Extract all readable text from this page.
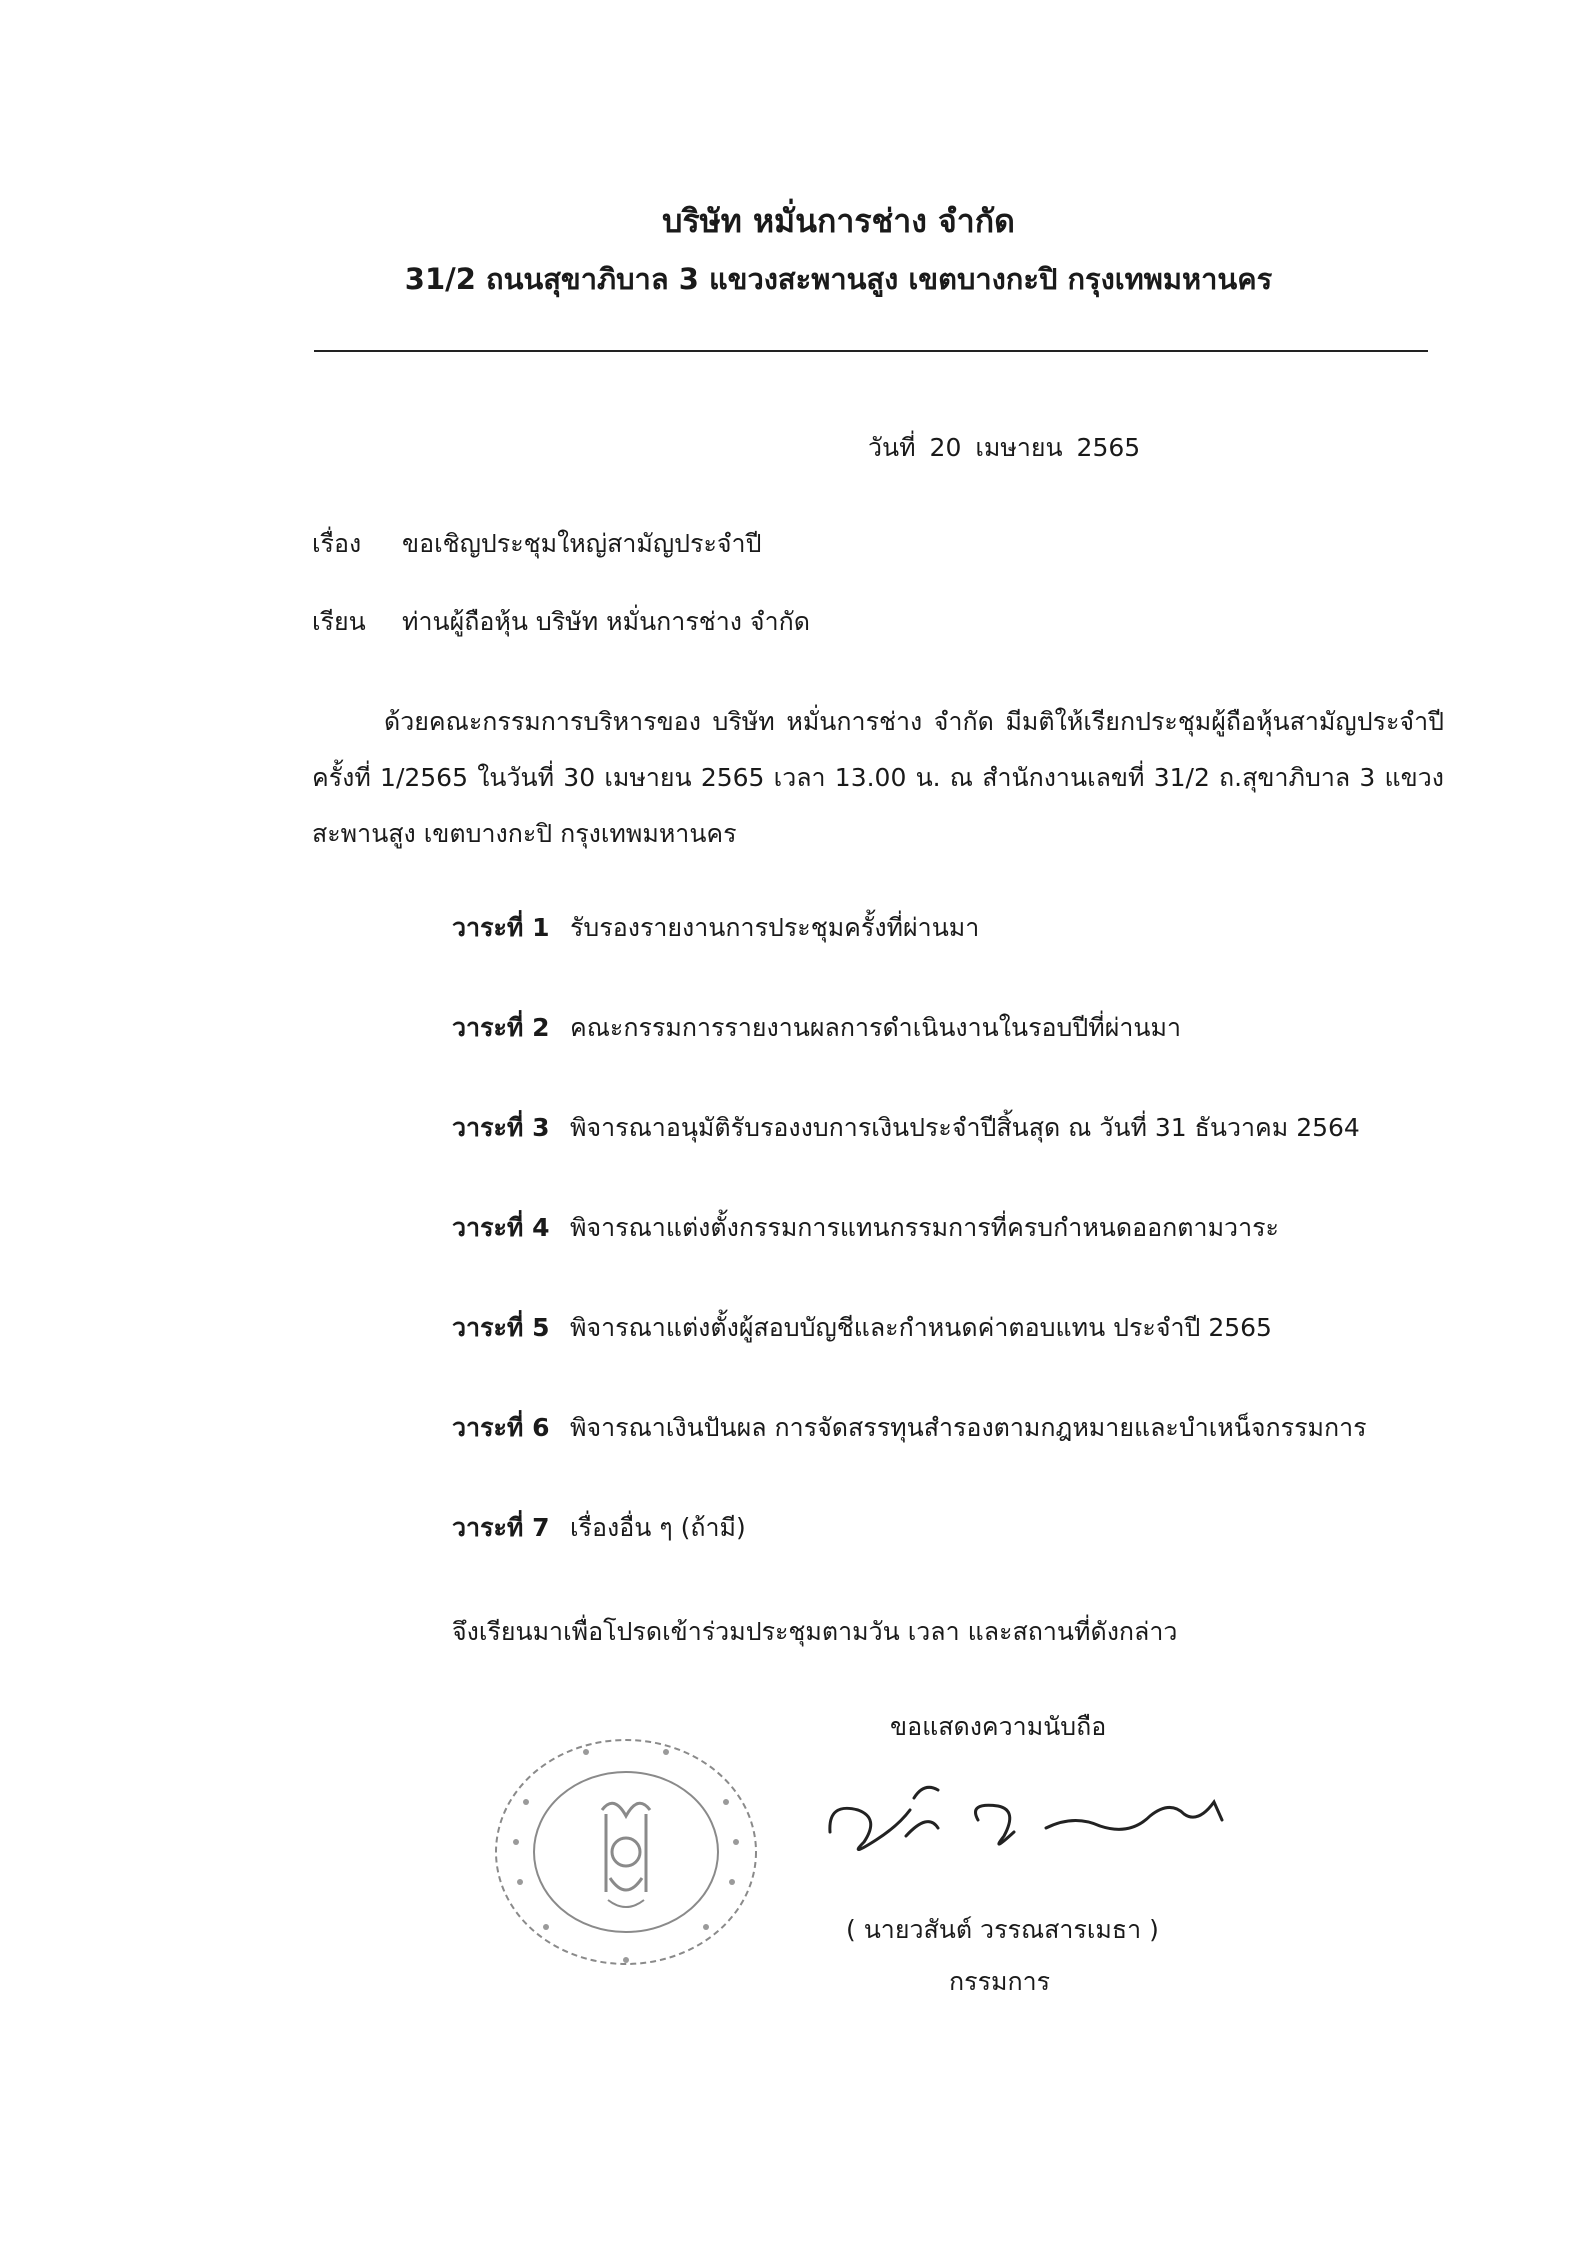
บริษัท หมั่นการช่าง จำกัด
31/2 ถนนสุขาภิบาล 3 แขวงสะพานสูง เขตบางกะปิ กรุงเทพมหานคร
วันที่ 20 เมษายน 2565
เรื่อง ขอเชิญประชุมใหญ่สามัญประจำปี
เรียน ท่านผู้ถือหุ้น บริษัท หมั่นการช่าง จำกัด
ด้วยคณะกรรมการบริหารของ บริษัท หมั่นการช่าง จำกัด มีมติให้เรียกประชุมผู้ถือหุ้นสามัญประจำปี ครั้งที่ 1/2565 ในวันที่ 30 เมษายน 2565 เวลา 13.00 น. ณ สำนักงานเลขที่ 31/2 ถ.สุขาภิบาล 3 แขวงสะพานสูง เขตบางกะปิ กรุงเทพมหานคร
วาระที่ 1 รับรองรายงานการประชุมครั้งที่ผ่านมา
วาระที่ 2 คณะกรรมการรายงานผลการดำเนินงานในรอบปีที่ผ่านมา
วาระที่ 3 พิจารณาอนุมัติรับรองงบการเงินประจำปีสิ้นสุด ณ วันที่ 31 ธันวาคม 2564
วาระที่ 4 พิจารณาแต่งตั้งกรรมการแทนกรรมการที่ครบกำหนดออกตามวาระ
วาระที่ 5 พิจารณาแต่งตั้งผู้สอบบัญชีและกำหนดค่าตอบแทน ประจำปี 2565
วาระที่ 6 พิจารณาเงินปันผล การจัดสรรทุนสำรองตามกฎหมายและบำเหน็จกรรมการ
วาระที่ 7 เรื่องอื่น ๆ (ถ้ามี)
จึงเรียนมาเพื่อโปรดเข้าร่วมประชุมตามวัน เวลา และสถานที่ดังกล่าว
ขอแสดงความนับถือ
( นายวสันต์ วรรณสารเมธา )
กรรมการ
